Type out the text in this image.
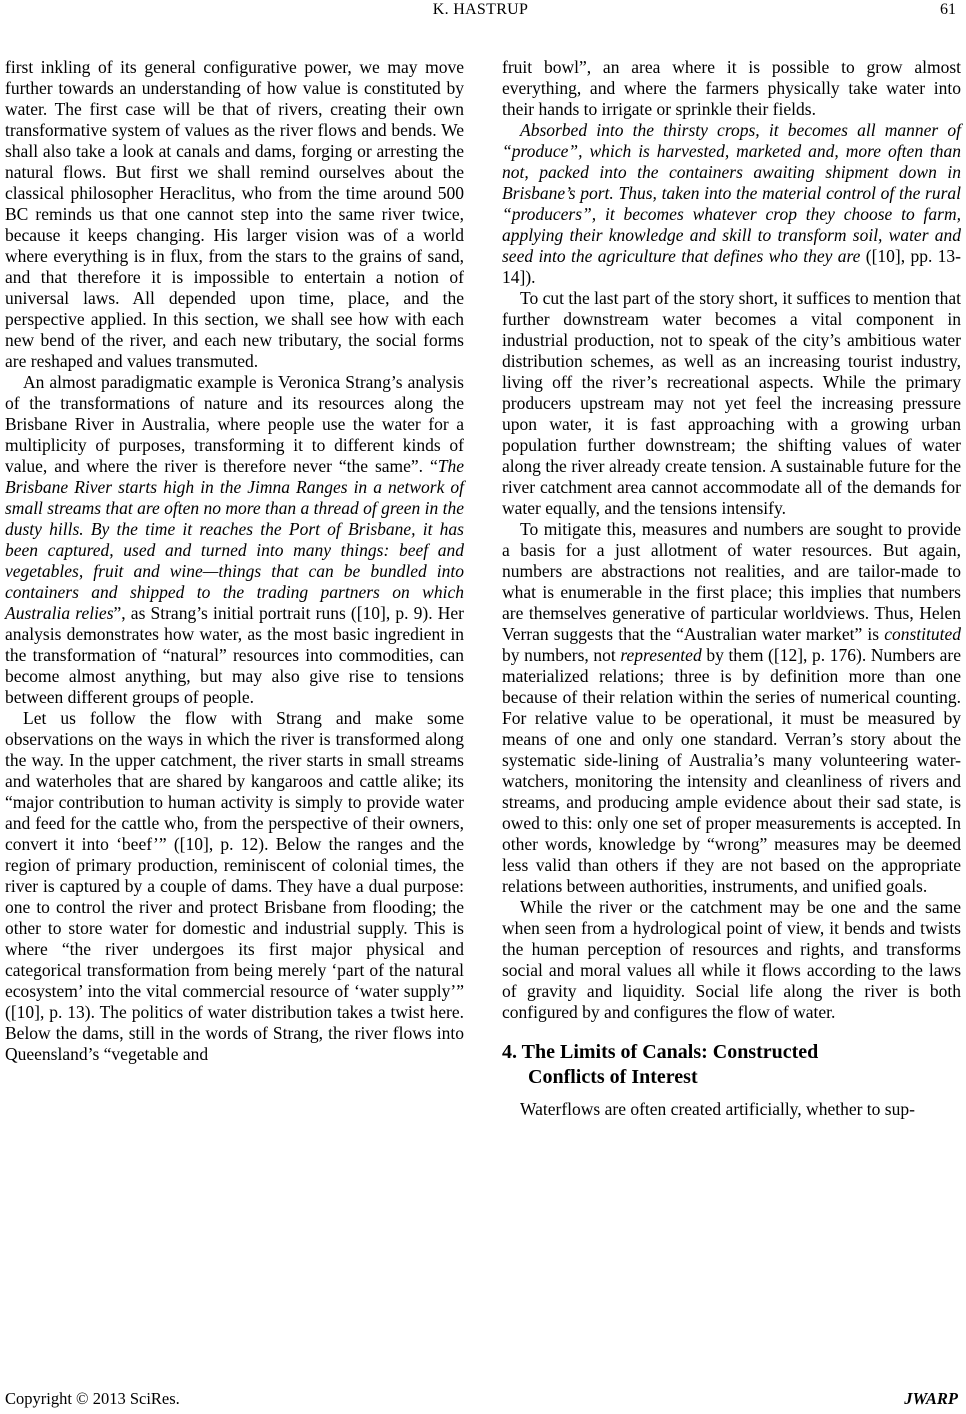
K. HASTRUP	61

first inkling of its general configurative power, we may move further towards an understanding of how value is constituted by water. The first case will be that of rivers, creating their own transformative system of values as the river flows and bends. We shall also take a look at canals and dams, forging or arresting the natural flows. But first we shall remind ourselves about the classical philosopher Heraclitus, who from the time around 500 BC reminds us that one cannot step into the same river twice, because it keeps changing. His larger vision was of a world where everything is in flux, from the stars to the grains of sand, and that therefore it is impossible to entertain a notion of universal laws. All depended upon time, place, and the perspective applied. In this section, we shall see how with each new bend of the river, and each new tributary, the social forms are reshaped and values transmuted.

An almost paradigmatic example is Veronica Strang’s analysis of the transformations of nature and its resources along the Brisbane River in Australia, where people use the water for a multiplicity of purposes, transforming it to different kinds of value, and where the river is therefore never “the same”. “The Brisbane River starts high in the Jimna Ranges in a network of small streams that are often no more than a thread of green in the dusty hills. By the time it reaches the Port of Brisbane, it has been captured, used and turned into many things: beef and vegetables, fruit and wine—things that can be bundled into containers and shipped to the trading partners on which Australia relies”, as Strang’s initial portrait runs ([10], p. 9). Her analysis demonstrates how water, as the most basic ingredient in the transformation of “natural” resources into commodities, can become almost anything, but may also give rise to tensions between different groups of people.

Let us follow the flow with Strang and make some observations on the ways in which the river is transformed along the way. In the upper catchment, the river starts in small streams and waterholes that are shared by kangaroos and cattle alike; its “major contribution to human activity is simply to provide water and feed for the cattle who, from the perspective of their owners, convert it into ‘beef’” ([10], p. 12). Below the ranges and the region of primary production, reminiscent of colonial times, the river is captured by a couple of dams. They have a dual purpose: one to control the river and protect Brisbane from flooding; the other to store water for domestic and industrial supply. This is where “the river undergoes its first major physical and categorical transformation from being merely ‘part of the natural ecosystem’ into the vital commercial resource of ‘water supply’” ([10], p. 13). The politics of water distribution takes a twist here. Below the dams, still in the words of Strang, the river flows into Queensland’s “vegetable and

fruit bowl”, an area where it is possible to grow almost everything, and where the farmers physically take water into their hands to irrigate or sprinkle their fields.

Absorbed into the thirsty crops, it becomes all manner of “produce”, which is harvested, marketed and, more often than not, packed into the containers awaiting shipment down in Brisbane’s port. Thus, taken into the material control of the rural “producers”, it becomes whatever crop they choose to farm, applying their knowledge and skill to transform soil, water and seed into the agriculture that defines who they are ([10], pp. 13-14]).

To cut the last part of the story short, it suffices to mention that further downstream water becomes a vital component in industrial production, not to speak of the city’s ambitious water distribution schemes, as well as an increasing tourist industry, living off the river’s recreational aspects. While the primary producers upstream may not yet feel the increasing pressure upon water, it is fast approaching with a growing urban population further downstream; the shifting values of water along the river already create tension. A sustainable future for the river catchment area cannot accommodate all of the demands for water equally, and the tensions intensify.

To mitigate this, measures and numbers are sought to provide a basis for a just allotment of water resources. But again, numbers are abstractions not realities, and are tailor-made to what is enumerable in the first place; this implies that numbers are themselves generative of particular worldviews. Thus, Helen Verran suggests that the “Australian water market” is constituted by numbers, not represented by them ([12], p. 176). Numbers are materialized relations; three is by definition more than one because of their relation within the series of numerical counting. For relative value to be operational, it must be measured by means of one and only one standard. Verran’s story about the systematic side-lining of Australia’s many volunteering water-watchers, monitoring the intensity and cleanliness of rivers and streams, and producing ample evidence about their sad state, is owed to this: only one set of proper measurements is accepted. In other words, knowledge by “wrong” measures may be deemed less valid than others if they are not based on the appropriate relations between authorities, instruments, and unified goals.

While the river or the catchment may be one and the same when seen from a hydrological point of view, it bends and twists the human perception of resources and rights, and transforms social and moral values all while it flows according to the laws of gravity and liquidity. Social life along the river is both configured by and configures the flow of water.

4. The Limits of Canals: Constructed
Conflicts of Interest

Waterflows are often created artificially, whether to sup-

Copyright © 2013 SciRes.	JWARP
